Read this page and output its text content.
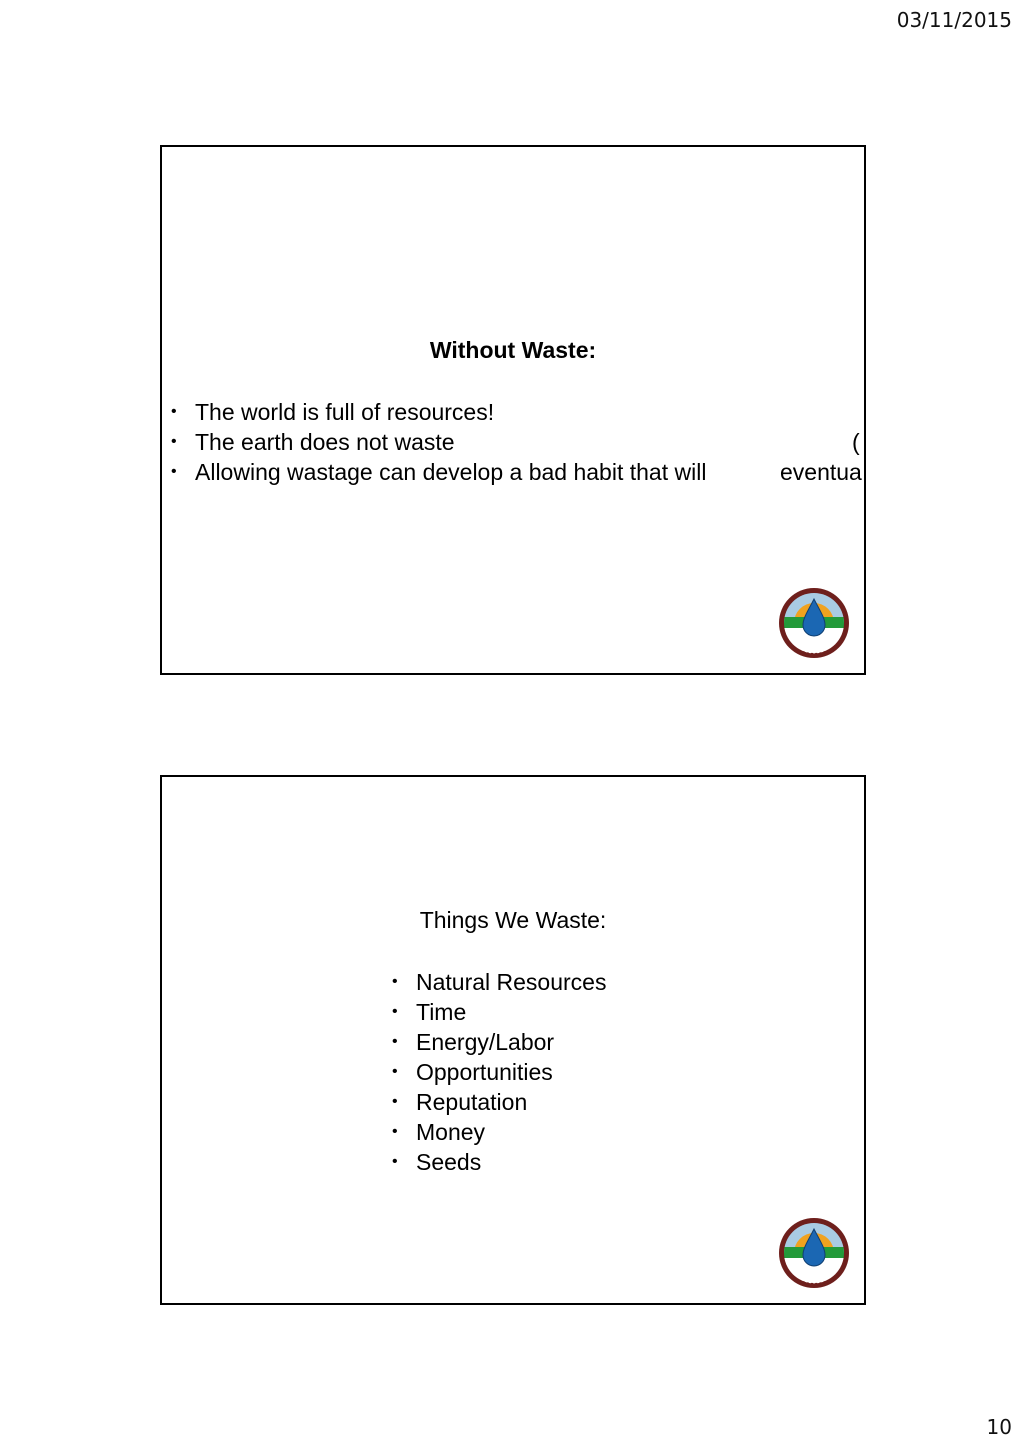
03/11/2015
Without Waste:
• The world is full of resources!
• The earth does not waste	(
• Allowing wastage can develop a bad habit that will	eventua
Things We Waste:
• Natural Resources
• Time
• Energy/Labor
• Opportunities
• Reputation
• Money
• Seeds
10
